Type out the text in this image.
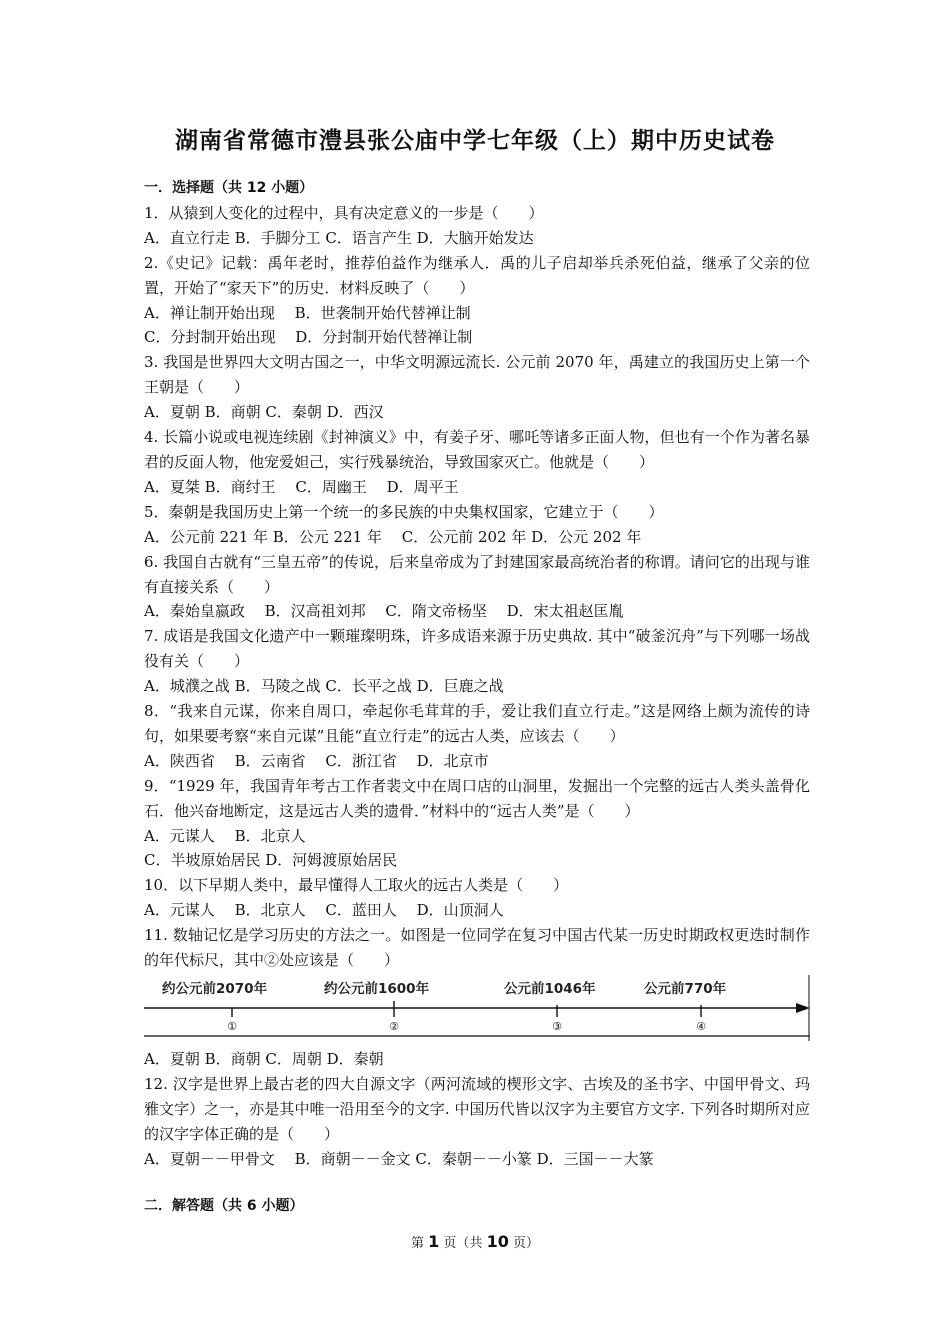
湖南省常德市澧县张公庙中学七年级（上）期中历史试卷
一．选择题（共 12 小题）
1．从猿到人变化的过程中，具有决定意义的一步是（　　）
A．直立行走 B．手脚分工 C．语言产生 D．大脑开始发达
2.《史记》记载：禹年老时，推荐伯益作为继承人．禹的儿子启却举兵杀死伯益，继承了父亲的位置，开始了“家天下”的历史．材料反映了（　　）
A．禅让制开始出现　 B．世袭制开始代替禅让制
C．分封制开始出现　 D．分封制开始代替禅让制
3. 我国是世界四大文明古国之一，中华文明源远流长. 公元前 2070 年，禹建立的我国历史上第一个王朝是（　　）
A．夏朝 B．商朝 C．秦朝 D．西汉
4. 长篇小说或电视连续剧《封神演义》中，有姜子牙、哪吒等诸多正面人物，但也有一个作为著名暴君的反面人物，他宠爱妲己，实行残暴统治，导致国家灭亡。他就是（　　）
A．夏桀 B．商纣王　 C．周幽王　 D．周平王
5．秦朝是我国历史上第一个统一的多民族的中央集权国家，它建立于（　　）
A．公元前 221 年 B．公元 221 年　 C．公元前 202 年 D．公元 202 年
6. 我国自古就有“三皇五帝”的传说，后来皇帝成为了封建国家最高统治者的称谓。请问它的出现与谁有直接关系（　　）
A．秦始皇嬴政　 B．汉高祖刘邦　 C．隋文帝杨坚　 D．宋太祖赵匡胤
7. 成语是我国文化遗产中一颗璀璨明珠，许多成语来源于历史典故. 其中“破釜沉舟”与下列哪一场战役有关（　　）
A．城濮之战 B．马陵之战 C．长平之战 D．巨鹿之战
8．“我来自元谋，你来自周口，牵起你毛茸茸的手，爱让我们直立行走。”这是网络上颇为流传的诗句，如果要考察“来自元谋”且能“直立行走”的远古人类，应该去（　　）
A．陕西省　 B．云南省　 C．浙江省　 D．北京市
9．“1929 年，我国青年考古工作者裴文中在周口店的山洞里，发掘出一个完整的远古人类头盖骨化石．他兴奋地断定，这是远古人类的遗骨．”材料中的“远古人类”是（　　）
A．元谋人　 B．北京人
C．半坡原始居民 D．河姆渡原始居民
10．以下早期人类中，最早懂得人工取火的远古人类是（　　）
A．元谋人　 B．北京人　 C．蓝田人　 D．山顶洞人
11. 数轴记忆是学习历史的方法之一。如图是一位同学在复习中国古代某一历史时期政权更迭时制作的年代标尺，其中②处应该是（　　）
约公元前2070年	约公元前1600年	公元前1046年	公元前770年
①	②	③	④
A．夏朝 B．商朝 C．周朝 D．秦朝
12. 汉字是世界上最古老的四大自源文字（两河流域的楔形文字、古埃及的圣书字、中国甲骨文、玛雅文字）之一，亦是其中唯一沿用至今的文字. 中国历代皆以汉字为主要官方文字. 下列各时期所对应的汉字字体正确的是（　　）
A．夏朝－－甲骨文　 B．商朝－－金文 C．秦朝－－小篆 D．三国－－大篆
二．解答题（共 6 小题）
第 1 页（共 10 页）
